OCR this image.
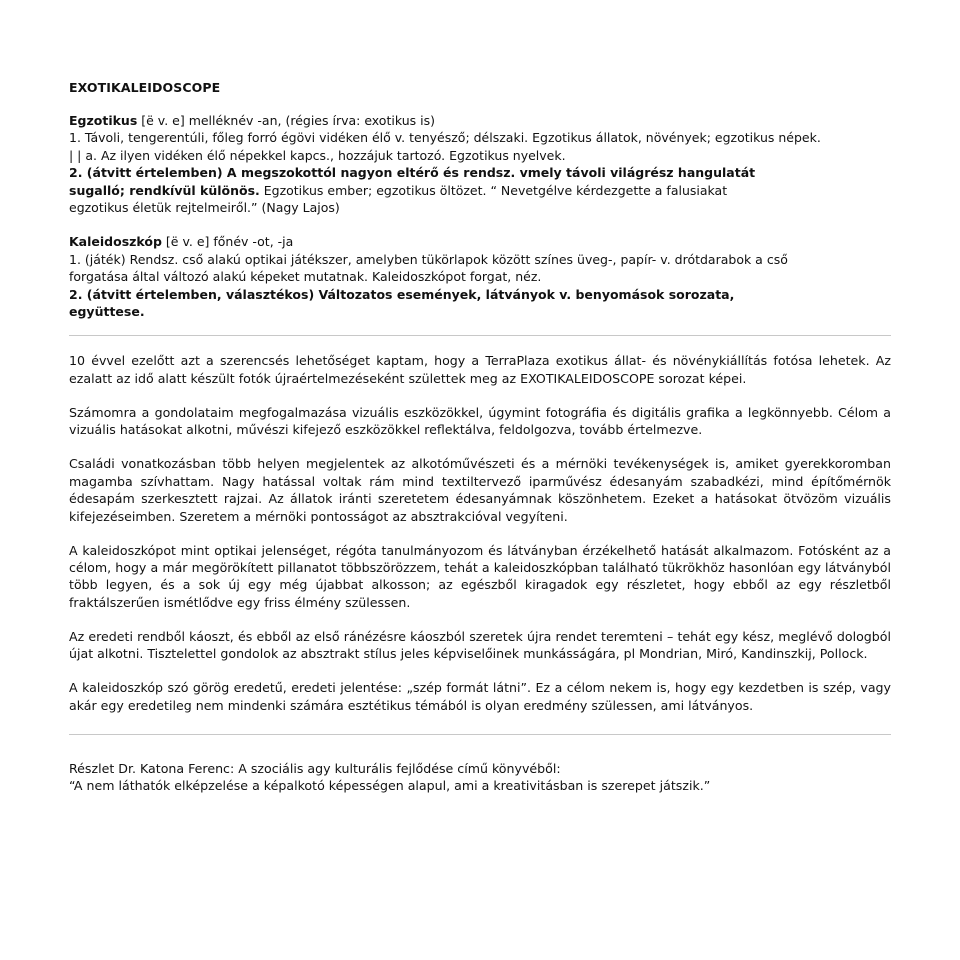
EXOTIKALEIDOSCOPE

Egzotikus [ë v. e] melléknév -an, (régies írva: exotikus is)

1. Távoli, tengerentúli, főleg forró égövi vidéken élő v. tenyésző; délszaki. Egzotikus állatok, növények; egzotikus népek.

| | a. Az ilyen vidéken élő népekkel kapcs., hozzájuk tartozó. Egzotikus nyelvek.

2. (átvitt értelemben) A megszokottól nagyon eltérő és rendsz. vmely távoli világrész hangulatát

sugalló; rendkívül különös. Egzotikus ember; egzotikus öltözet. “ Nevetgélve kérdezgette a falusiakat

egzotikus életük rejtelmeiről.” (Nagy Lajos)

Kaleidoszkóp [ë v. e] főnév -ot, -ja

1. (játék) Rendsz. cső alakú optikai játékszer, amelyben tükörlapok között színes üveg-, papír- v. drótdarabok a cső

forgatása által változó alakú képeket mutatnak. Kaleidoszkópot forgat, néz.

2. (átvitt értelemben, választékos) Változatos események, látványok v. benyomások sorozata,

együttese.

10 évvel ezelőtt azt a szerencsés lehetőséget kaptam, hogy a TerraPlaza exotikus állat- és növénykiállítás fotósa lehetek. Az ezalatt az idő alatt készült fotók újraértelmezéseként születtek meg az EXOTIKALEIDOSCOPE sorozat képei.

Számomra a gondolataim megfogalmazása vizuális eszközökkel, úgymint fotográfia és digitális grafika a legkönnyebb. Célom a vizuális hatásokat alkotni, művészi kifejező eszközökkel reflektálva, feldolgozva, tovább értelmezve.

Családi vonatkozásban több helyen megjelentek az alkotóművészeti és a mérnöki tevékenységek is, amiket gyerekkoromban magamba szívhattam. Nagy hatással voltak rám mind textiltervező iparművész édesanyám szabadkézi, mind építőmérnök édesapám szerkesztett rajzai. Az állatok iránti szeretetem édesanyámnak köszönhetem. Ezeket a hatásokat ötvözöm vizuális kifejezéseimben. Szeretem a mérnöki pontosságot az absztrakcióval vegyíteni.

A kaleidoszkópot mint optikai jelenséget, régóta tanulmányozom és látványban érzékelhető hatását alkalmazom. Fotósként az a célom, hogy a már megörökített pillanatot többszörözzem, tehát a kaleidoszkópban található tükrökhöz hasonlóan egy látványból több legyen, és a sok új egy még újabbat alkosson; az egészből kiragadok egy részletet, hogy ebből az egy részletből fraktálszerűen ismétlődve egy friss élmény szülessen.

Az eredeti rendből káoszt, és ebből az első ránézésre káoszból szeretek újra rendet teremteni – tehát egy kész, meglévő dologból újat alkotni. Tisztelettel gondolok az absztrakt stílus jeles képviselőinek munkásságára, pl Mondrian, Miró, Kandinszkij, Pollock.

A kaleidoszkóp szó görög eredetű, eredeti jelentése: „szép formát látni”. Ez a célom nekem is, hogy egy kezdetben is szép, vagy akár egy eredetileg nem mindenki számára esztétikus témából is olyan eredmény szülessen, ami látványos.

Részlet Dr. Katona Ferenc: A szociális agy kulturális fejlődése című könyvéből:

“A nem láthatók elképzelése a képalkotó képességen alapul, ami a kreativitásban is szerepet játszik.”
